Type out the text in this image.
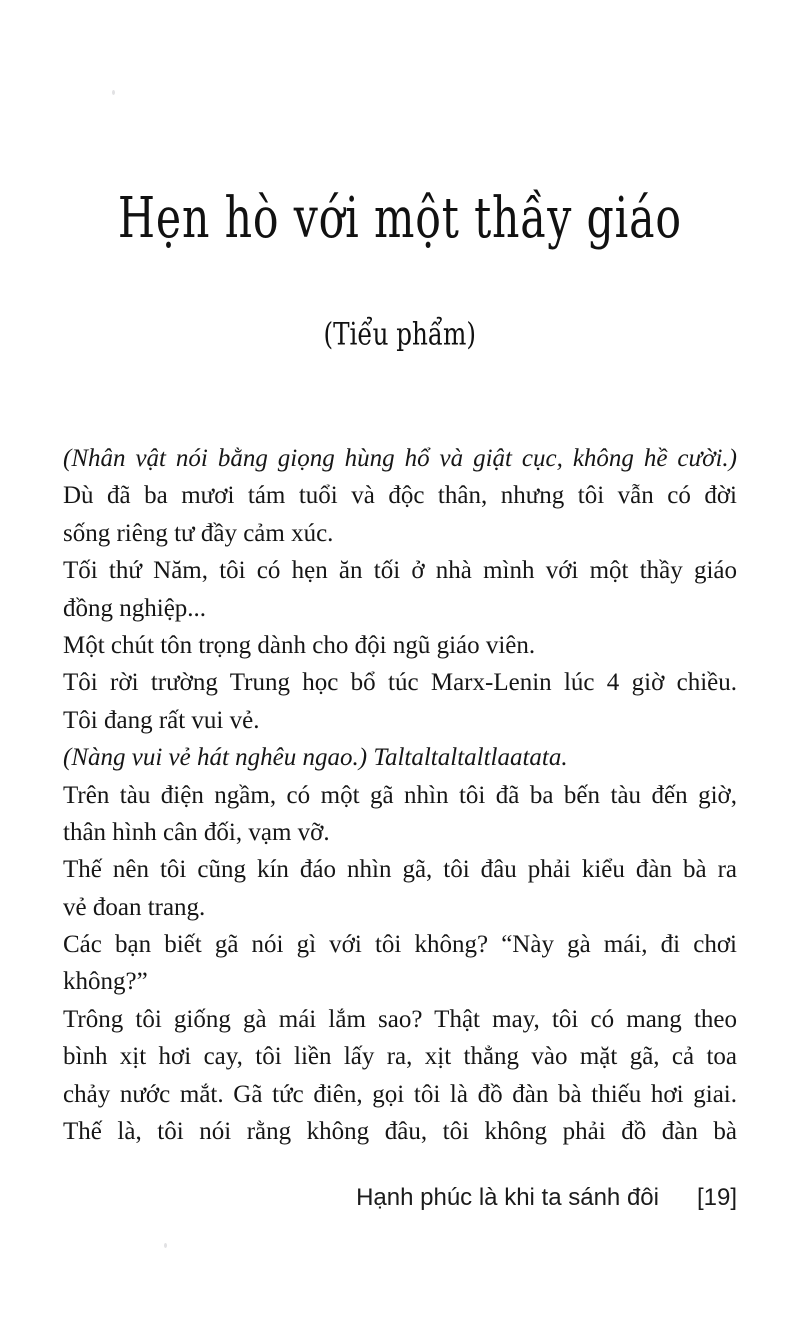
Hẹn hò với một thầy giáo
(Tiểu phẩm)
(Nhân vật nói bằng giọng hùng hổ và giật cục, không hề cười.)
Dù đã ba mươi tám tuổi và độc thân, nhưng tôi vẫn có đời
sống riêng tư đầy cảm xúc.
Tối thứ Năm, tôi có hẹn ăn tối ở nhà mình với một thầy giáo
đồng nghiệp...
Một chút tôn trọng dành cho đội ngũ giáo viên.
Tôi rời trường Trung học bổ túc Marx-Lenin lúc 4 giờ chiều.
Tôi đang rất vui vẻ.
(Nàng vui vẻ hát nghêu ngao.) Taltaltaltaltlaatata.
Trên tàu điện ngầm, có một gã nhìn tôi đã ba bến tàu đến giờ,
thân hình cân đối, vạm vỡ.
Thế nên tôi cũng kín đáo nhìn gã, tôi đâu phải kiểu đàn bà ra
vẻ đoan trang.
Các bạn biết gã nói gì với tôi không? “Này gà mái, đi chơi
không?”
Trông tôi giống gà mái lắm sao? Thật may, tôi có mang theo
bình xịt hơi cay, tôi liền lấy ra, xịt thẳng vào mặt gã, cả toa
chảy nước mắt. Gã tức điên, gọi tôi là đồ đàn bà thiếu hơi giai.
Thế là, tôi nói rằng không đâu, tôi không phải đồ đàn bà
Hạnh phúc là khi ta sánh đôi [19]
